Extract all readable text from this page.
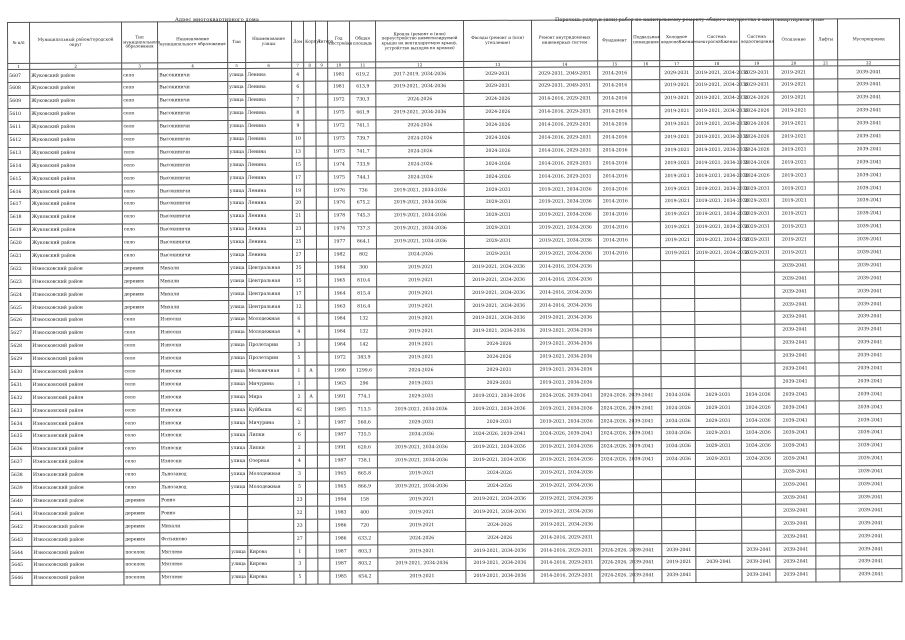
Адрес многоквартирного дома	Перечень услуг и (или) работ по капитальному ремонту общего имущества в многоквартирном доме
№ п/п	Муниципальный район/городской округ	Тип муниципального образования	Наименование муниципального образования	Тип	Наименование улицы	Дом	Корпус	Литера	Год постройки	Общая площадь	Кровля (ремонт и (или) переустройство невентилируемой крыши на вентилируемую крышу, устройство выходов на кровлю)	Фасады (ремонт и (или) утепление)	Ремонт внутридомовых инженерных систем	Фундамент	Подвальные помещения	Холодное водоснабжение	Система электроснабжения	Система водоотведения	Отопление	Лифты	Мусоропровод
1	2	3	4	5	6	7	8	9	10	11	12	13	14	15	16	17	18	19	20	21	22
5607	Жуковский район	село	Высокиничи	улица	Ленина	4			1981	619,2	2017-2019, 2034-2036	2029-2031	2029-2031, 2049-2051	2014-2016		2029-2031	2019-2021, 2034-2036	2029-2031	2019-2021		2039-2041
5608	Жуковский район	село	Высокиничи	улица	Ленина	6			1981	613,9	2019-2021, 2034-2036	2029-2031	2029-2031, 2049-2051	2014-2016		2019-2021	2019-2021, 2034-2036	2029-2031	2019-2021		2039-2041
5609	Жуковский район	село	Высокиничи	улица	Ленина	7			1972	730,3	2024-2026	2024-2026	2014-2016, 2029-2031	2014-2016		2019-2021	2019-2021, 2034-2036	2024-2026	2019-2021		2039-2041
5610	Жуковский район	село	Высокиничи	улица	Ленина	8			1975	661,9	2019-2021, 2034-2036	2024-2026	2014-2016, 2029-2031	2014-2016		2019-2021	2019-2021, 2034-2036	2024-2026	2019-2021		2039-2041
5611	Жуковский район	село	Высокиничи	улица	Ленина	9			1972	741,1	2024-2026	2024-2026	2014-2016, 2029-2031	2014-2016		2019-2021	2019-2021, 2034-2036	2024-2026	2019-2021		2039-2041
5612	Жуковский район	село	Высокиничи	улица	Ленина	10			1973	739,7	2024-2026	2024-2026	2014-2016, 2029-2031	2014-2016		2019-2021	2019-2021, 2034-2036	2024-2026	2019-2021		2039-2041
5613	Жуковский район	село	Высокиничи	улица	Ленина	13			1973	741,7	2024-2026	2024-2026	2014-2016, 2029-2031	2014-2016		2019-2021	2019-2021, 2034-2036	2024-2026	2019-2021		2039-2041
5614	Жуковский район	село	Высокиничи	улица	Ленина	15			1974	733,9	2024-2026	2024-2026	2014-2016, 2029-2031	2014-2016		2019-2021	2019-2021, 2034-2036	2024-2026	2019-2021		2039-2041
5615	Жуковский район	село	Высокиничи	улица	Ленина	17			1975	744,1	2024-2026	2024-2026	2014-2016, 2029-2031	2014-2016		2019-2021	2019-2021, 2034-2036	2024-2026	2019-2021		2039-2041
5616	Жуковский район	село	Высокиничи	улица	Ленина	19			1976	736	2019-2021, 2034-2036	2029-2031	2019-2021, 2034-2036	2014-2016		2019-2021	2019-2021, 2034-2036	2029-2031	2019-2021		2039-2041
5617	Жуковский район	село	Высокиничи	улица	Ленина	20			1976	675,2	2019-2021, 2034-2036	2029-2031	2019-2021, 2034-2036	2014-2016		2019-2021	2019-2021, 2034-2036	2029-2031	2019-2021		2039-2041
5618	Жуковский район	село	Высокиничи	улица	Ленина	21			1978	745,3	2019-2021, 2034-2036	2029-2031	2019-2021, 2034-2036	2014-2016		2019-2021	2019-2021, 2034-2036	2029-2031	2019-2021		2039-2041
5619	Жуковский район	село	Высокиничи	улица	Ленина	23			1976	737,3	2019-2021, 2034-2036	2029-2031	2019-2021, 2034-2036	2014-2016		2019-2021	2019-2021, 2034-2036	2029-2031	2019-2021		2039-2041
5620	Жуковский район	село	Высокиничи	улица	Ленина	25			1977	864,1	2019-2021, 2034-2036	2029-2031	2019-2021, 2034-2036	2014-2016		2019-2021	2019-2021, 2034-2036	2029-2031	2019-2021		2039-2041
5621	Жуковский район	село	Высокиничи	улица	Ленина	27			1982	802	2024-2026	2029-2031	2019-2021, 2034-2036	2014-2016		2019-2021	2019-2021, 2034-2036	2029-2031	2019-2021		2039-2041
5622	Износковский район	деревня	Михали	улица	Центральная	35			1984	300	2019-2021	2019-2021, 2034-2036	2014-2016, 2034-2036						2039-2041		2039-2041
5623	Износковский район	деревня	Михали	улица	Центральная	15			1965	810,4	2019-2021	2019-2021, 2034-2036	2014-2016, 2034-2036						2039-2041		2039-2041
5624	Износковский район	деревня	Михали	улица	Центральная	17			1964	815,4	2019-2021	2019-2021, 2034-2036	2014-2016, 2034-2036						2039-2041		2039-2041
5625	Износковский район	деревня	Михали	улица	Центральная	12			1963	816,4	2019-2021	2019-2021, 2034-2036	2014-2016, 2034-2036						2039-2041		2039-2041
5626	Износковский район	село	Износки	улица	Молодежная	6			1984	132	2019-2021	2019-2021, 2034-2036	2019-2021, 2034-2036						2039-2041		2039-2041
5627	Износковский район	село	Износки	улица	Молодежная	4			1984	132	2019-2021	2019-2021, 2034-2036	2019-2021, 2034-2036						2039-2041		2039-2041
5628	Износковский район	село	Износки	улица	Пролетарии	3			1984	142	2019-2021	2024-2026	2019-2021, 2034-2036						2039-2041		2039-2041
5629	Износковский район	село	Износки	улица	Пролетарии	5			1972	383,9	2019-2021	2024-2026	2019-2021, 2034-2036						2039-2041		2039-2041
5630	Износковский район	село	Износки	улица	Мельничная	1	А		1990	1299,6	2024-2026	2029-2031	2019-2021, 2034-2036						2039-2041		2039-2041
5631	Износковский район	село	Износки	улица	Мичурина	1			1963	296	2019-2021	2029-2031	2019-2021, 2034-2036						2039-2041		2039-2041
5632	Износковский район	село	Износки	улица	Мира	2	А		1991	774,1	2029-2031	2019-2021, 2034-2036	2024-2026, 2039-2041	2024-2026, 2039-2041		2034-2036	2029-2031	2034-2036	2039-2041		2039-2041
5633	Износковский район	село	Износки	улица	Куйбыша	42			1985	713,5	2019-2021, 2034-2036	2019-2021, 2034-2036	2019-2021, 2034-2036	2024-2026, 2039-2041		2024-2026	2029-2031	2024-2026	2039-2041		2039-2041
5634	Износковский район	село	Износки	улица	Мичурина	2			1987	560,6	2029-2031	2029-2031	2019-2021, 2034-2036	2024-2026, 2039-2041		2034-2036	2029-2031	2034-2036	2039-2041		2039-2041
5635	Износковский район	село	Износки	улица	Липки	6			1987	735,5	2034-2036	2024-2026, 2039-2041	2024-2026, 2039-2041	2024-2026, 2039-2041		2034-2036	2029-2031	2034-2036	2039-2041		2039-2041
5636	Износковский район	село	Износки	улица	Липки	2			1991	620,6	2019-2021, 2034-2036	2019-2021, 2034-2036	2019-2021, 2034-2036	2024-2026, 2039-2041		2034-2036	2029-2031	2034-2036	2039-2041		2039-2041
5637	Износковский район	село	Износки	улица	Озерная	4			1987	738,1	2019-2021, 2034-2036	2019-2021, 2034-2036	2019-2021, 2034-2036	2024-2026, 2039-2041		2034-2036	2029-2031	2034-2036	2039-2041		2039-2041
5638	Износковский район	село	Льнозавод	улица	Молодежная	3			1965	865,8	2019-2021	2024-2026	2019-2021, 2034-2036						2039-2041		2039-2041
5639	Износковский район	село	Льнозавод	улица	Молодежная	5			1965	866,9	2019-2021, 2034-2036	2024-2026	2019-2021, 2034-2036						2039-2041		2039-2041
5640	Износковский район	деревня	Ровно			23			1994	158	2019-2021	2019-2021, 2034-2036	2019-2021, 2034-2036						2039-2041		2039-2041
5641	Износковский район	деревня	Ровно			22			1983	400	2019-2021	2019-2021, 2034-2036	2019-2021, 2034-2036						2039-2041		2039-2041
5642	Износковский район	деревня	Михали			33			1986	720	2019-2021	2024-2026	2019-2021, 2034-2036						2039-2041		2039-2041
5643	Износковский район	деревня	Фотьяново			27			1986	633,2	2024-2026	2024-2026	2014-2016, 2029-2031						2039-2041		2039-2041
5644	Износковский район	поселок	Мятлево	улица	Кирова	1			1987	803,3	2019-2021	2019-2021, 2034-2036	2014-2016, 2029-2031	2024-2026, 2039-2041		2039-2041		2039-2041	2039-2041		2039-2041
5645	Износковский район	поселок	Мятлево	улица	Кирова	3			1987	803,2	2019-2021, 2034-2036	2019-2021, 2034-2036	2014-2016, 2029-2031	2024-2026, 2039-2041		2019-2021	2039-2041	2039-2041	2039-2041		2039-2041
5646	Износковский район	поселок	Мятлево	улица	Кирова	5			1985	654,2	2019-2021	2019-2021, 2034-2036	2014-2016, 2029-2031	2024-2026, 2039-2041		2039-2041		2039-2041	2039-2041		2039-2041
